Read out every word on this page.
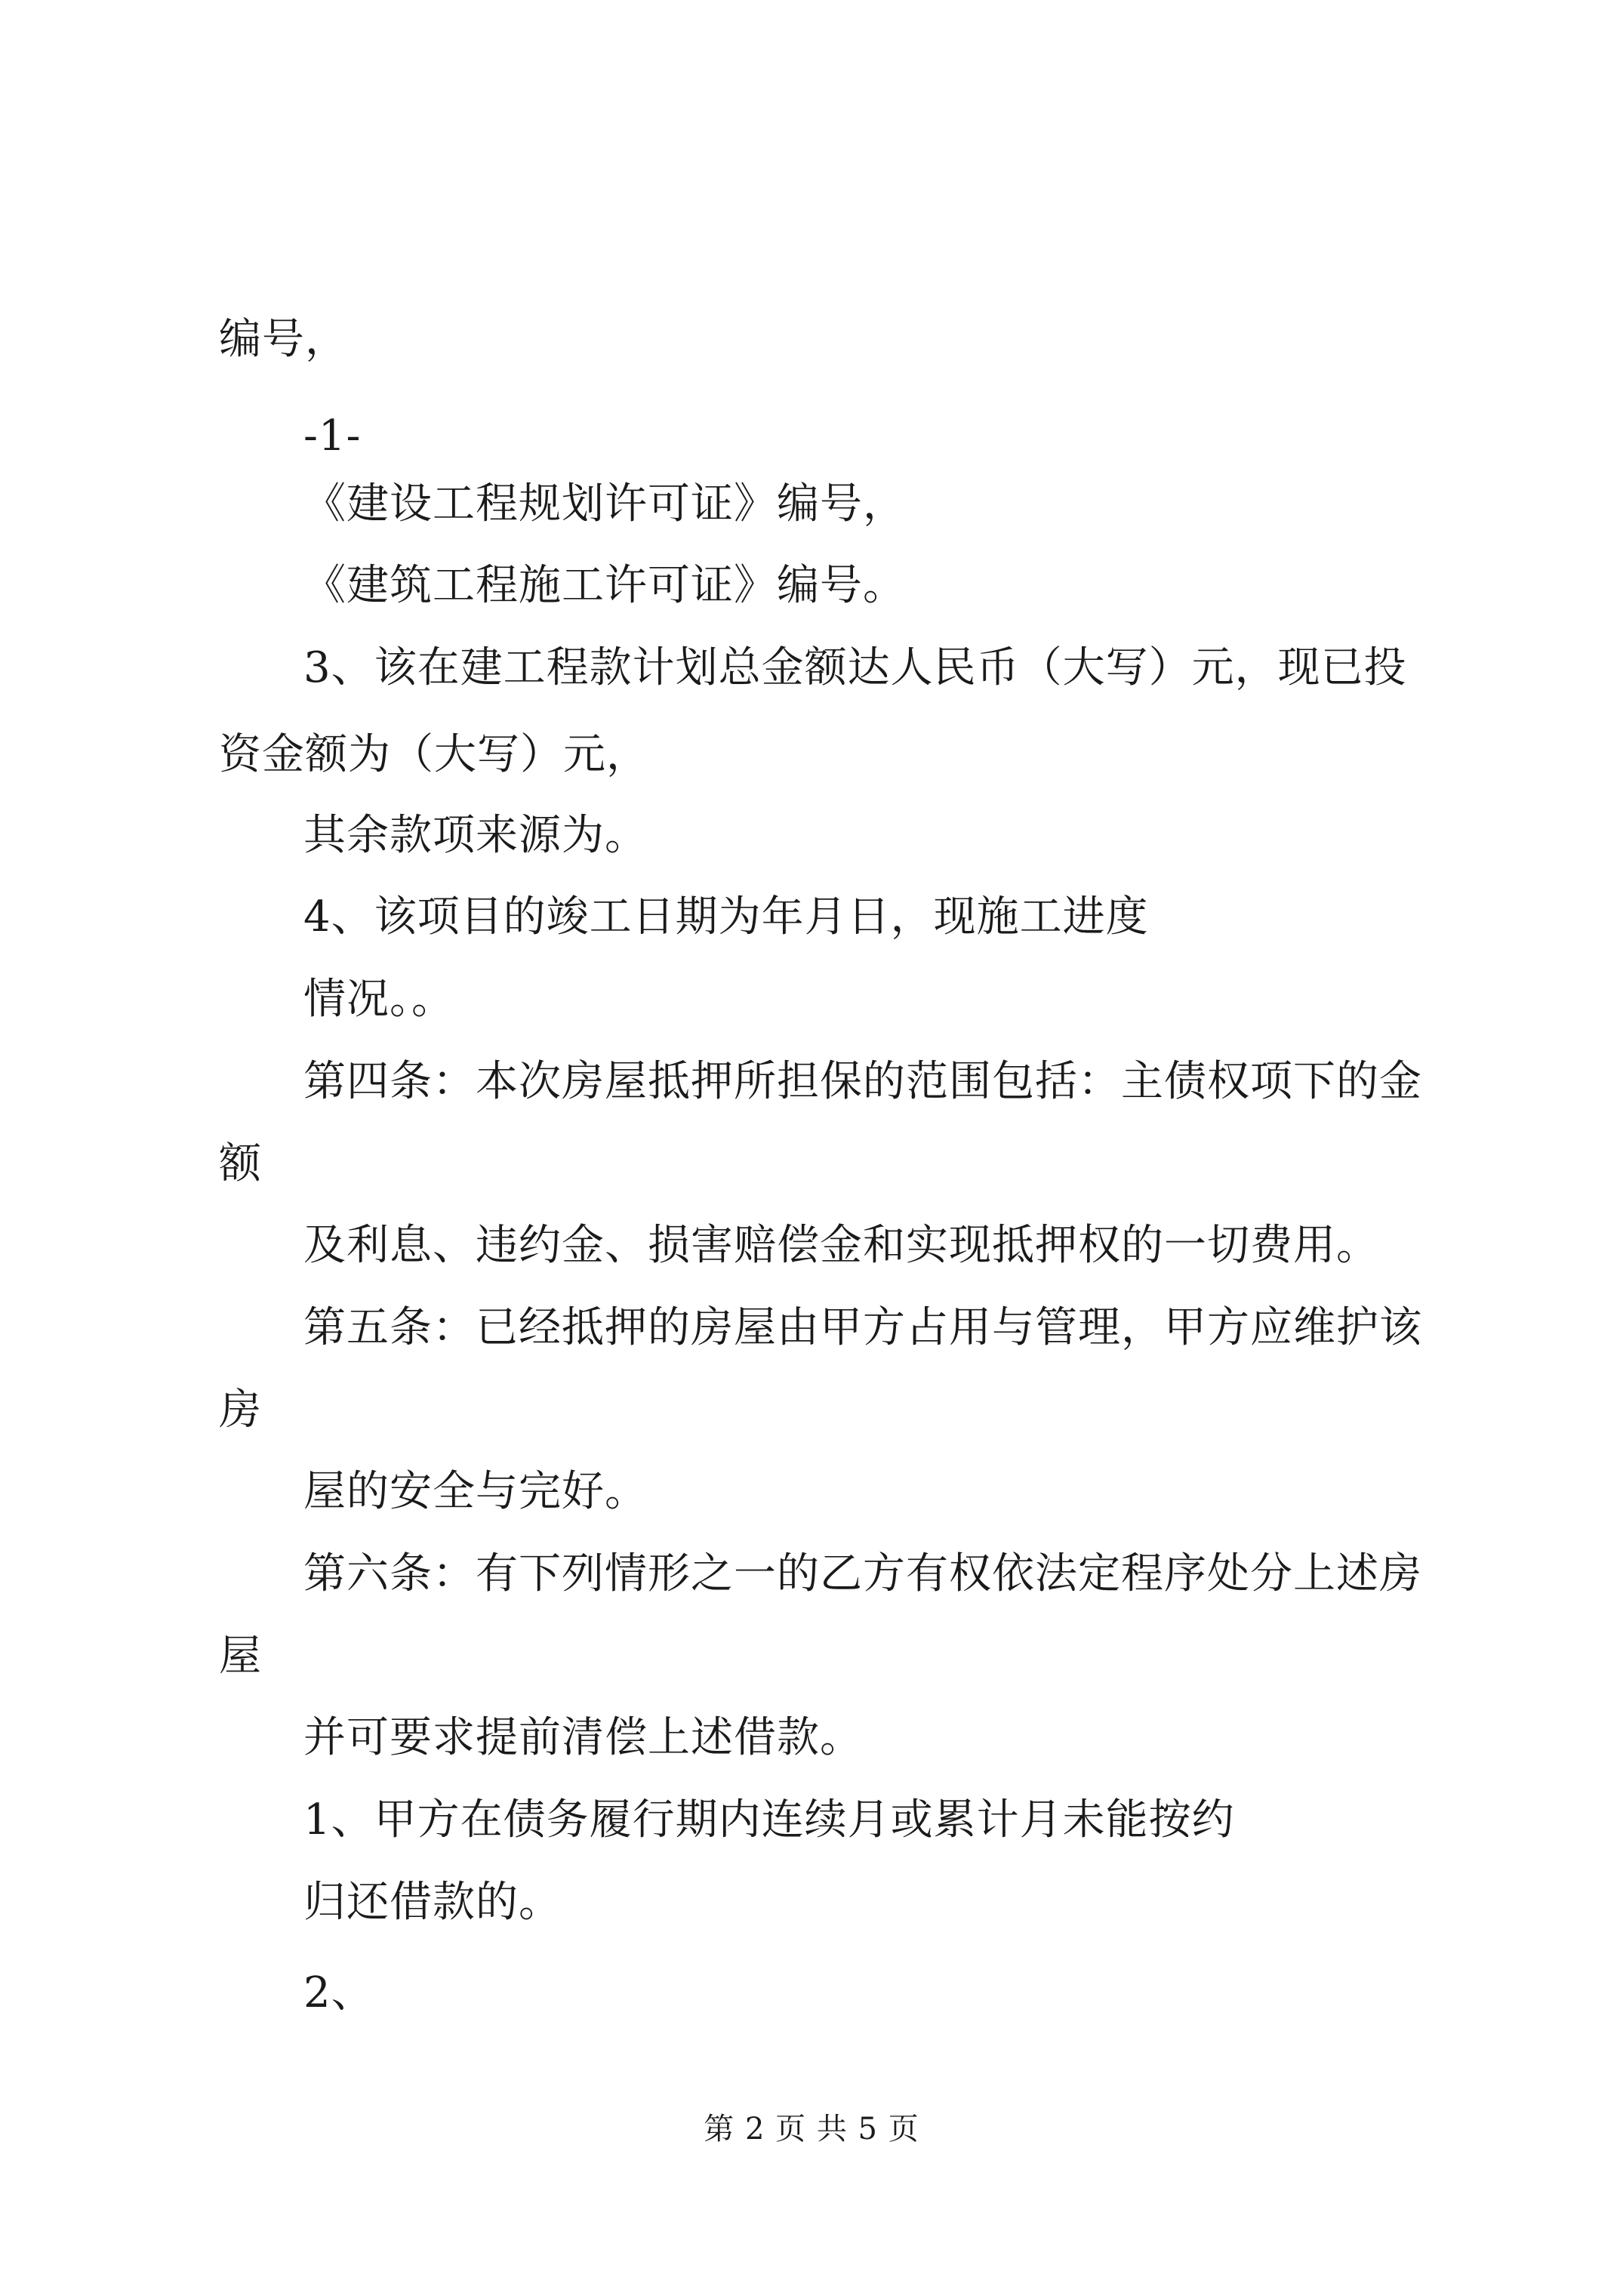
编号，
-1-
《建设工程规划许可证》编号，
《建筑工程施工许可证》编号。
3、该在建工程款计划总金额达人民币（大写）元，现已投
资金额为（大写）元，
其余款项来源为。
4、该项目的竣工日期为年月日，现施工进度
情况。。
第四条：本次房屋抵押所担保的范围包括：主债权项下的金
额
及利息、违约金、损害赔偿金和实现抵押权的一切费用。
第五条：已经抵押的房屋由甲方占用与管理，甲方应维护该
房
屋的安全与完好。
第六条：有下列情形之一的乙方有权依法定程序处分上述房
屋
并可要求提前清偿上述借款。
1、甲方在债务履行期内连续月或累计月未能按约
归还借款的。
2、
第 2 页 共 5 页
